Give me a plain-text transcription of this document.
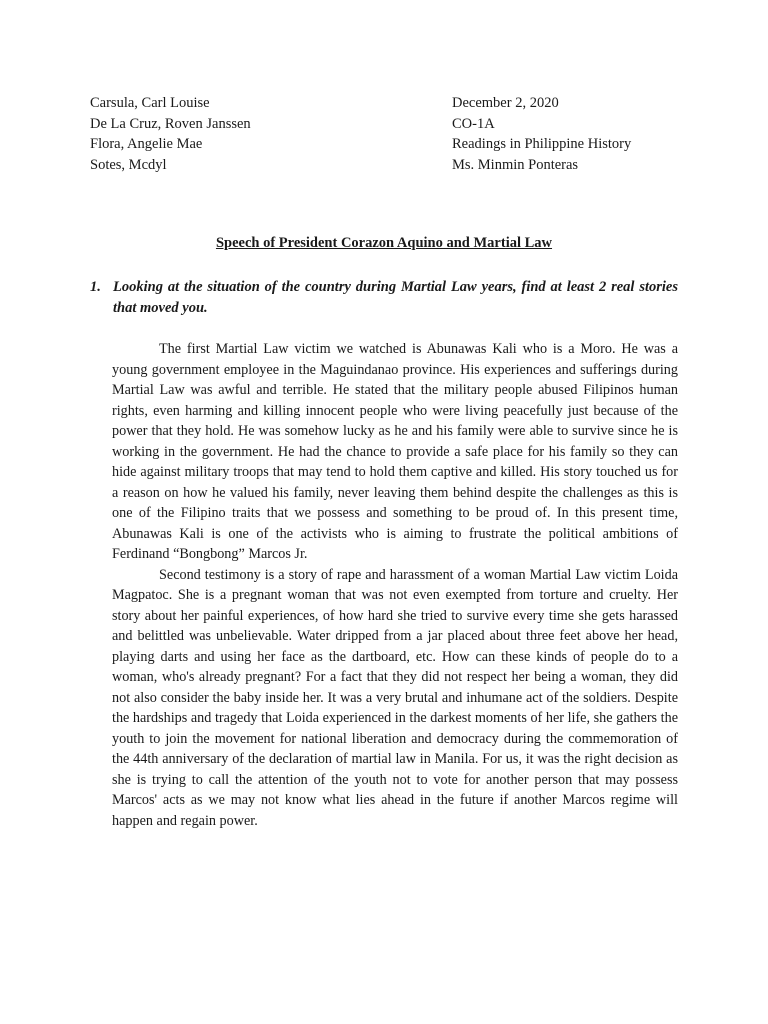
Carsula, Carl Louise
De La Cruz, Roven Janssen
Flora, Angelie Mae
Sotes, Mcdyl
December 2, 2020
CO-1A
Readings in Philippine History
Ms. Minmin Ponteras
Speech of President Corazon Aquino and Martial Law
1. Looking at the situation of the country during Martial Law years, find at least 2 real stories that moved you.

The first Martial Law victim we watched is Abunawas Kali who is a Moro. He was a young government employee in the Maguindanao province. His experiences and sufferings during Martial Law was awful and terrible. He stated that the military people abused Filipinos human rights, even harming and killing innocent people who were living peacefully just because of the power that they hold. He was somehow lucky as he and his family were able to survive since he is working in the government. He had the chance to provide a safe place for his family so they can hide against military troops that may tend to hold them captive and killed. His story touched us for a reason on how he valued his family, never leaving them behind despite the challenges as this is one of the Filipino traits that we possess and something to be proud of. In this present time, Abunawas Kali is one of the activists who is aiming to frustrate the political ambitions of Ferdinand “Bongbong” Marcos Jr.

Second testimony is a story of rape and harassment of a woman Martial Law victim Loida Magpatoc. She is a pregnant woman that was not even exempted from torture and cruelty. Her story about her painful experiences, of how hard she tried to survive every time she gets harassed and belittled was unbelievable. Water dripped from a jar placed about three feet above her head, playing darts and using her face as the dartboard, etc. How can these kinds of people do to a woman, who's already pregnant? For a fact that they did not respect her being a woman, they did not also consider the baby inside her. It was a very brutal and inhumane act of the soldiers. Despite the hardships and tragedy that Loida experienced in the darkest moments of her life, she gathers the youth to join the movement for national liberation and democracy during the commemoration of the 44th anniversary of the declaration of martial law in Manila. For us, it was the right decision as she is trying to call the attention of the youth not to vote for another person that may possess Marcos' acts as we may not know what lies ahead in the future if another Marcos regime will happen and regain power.
